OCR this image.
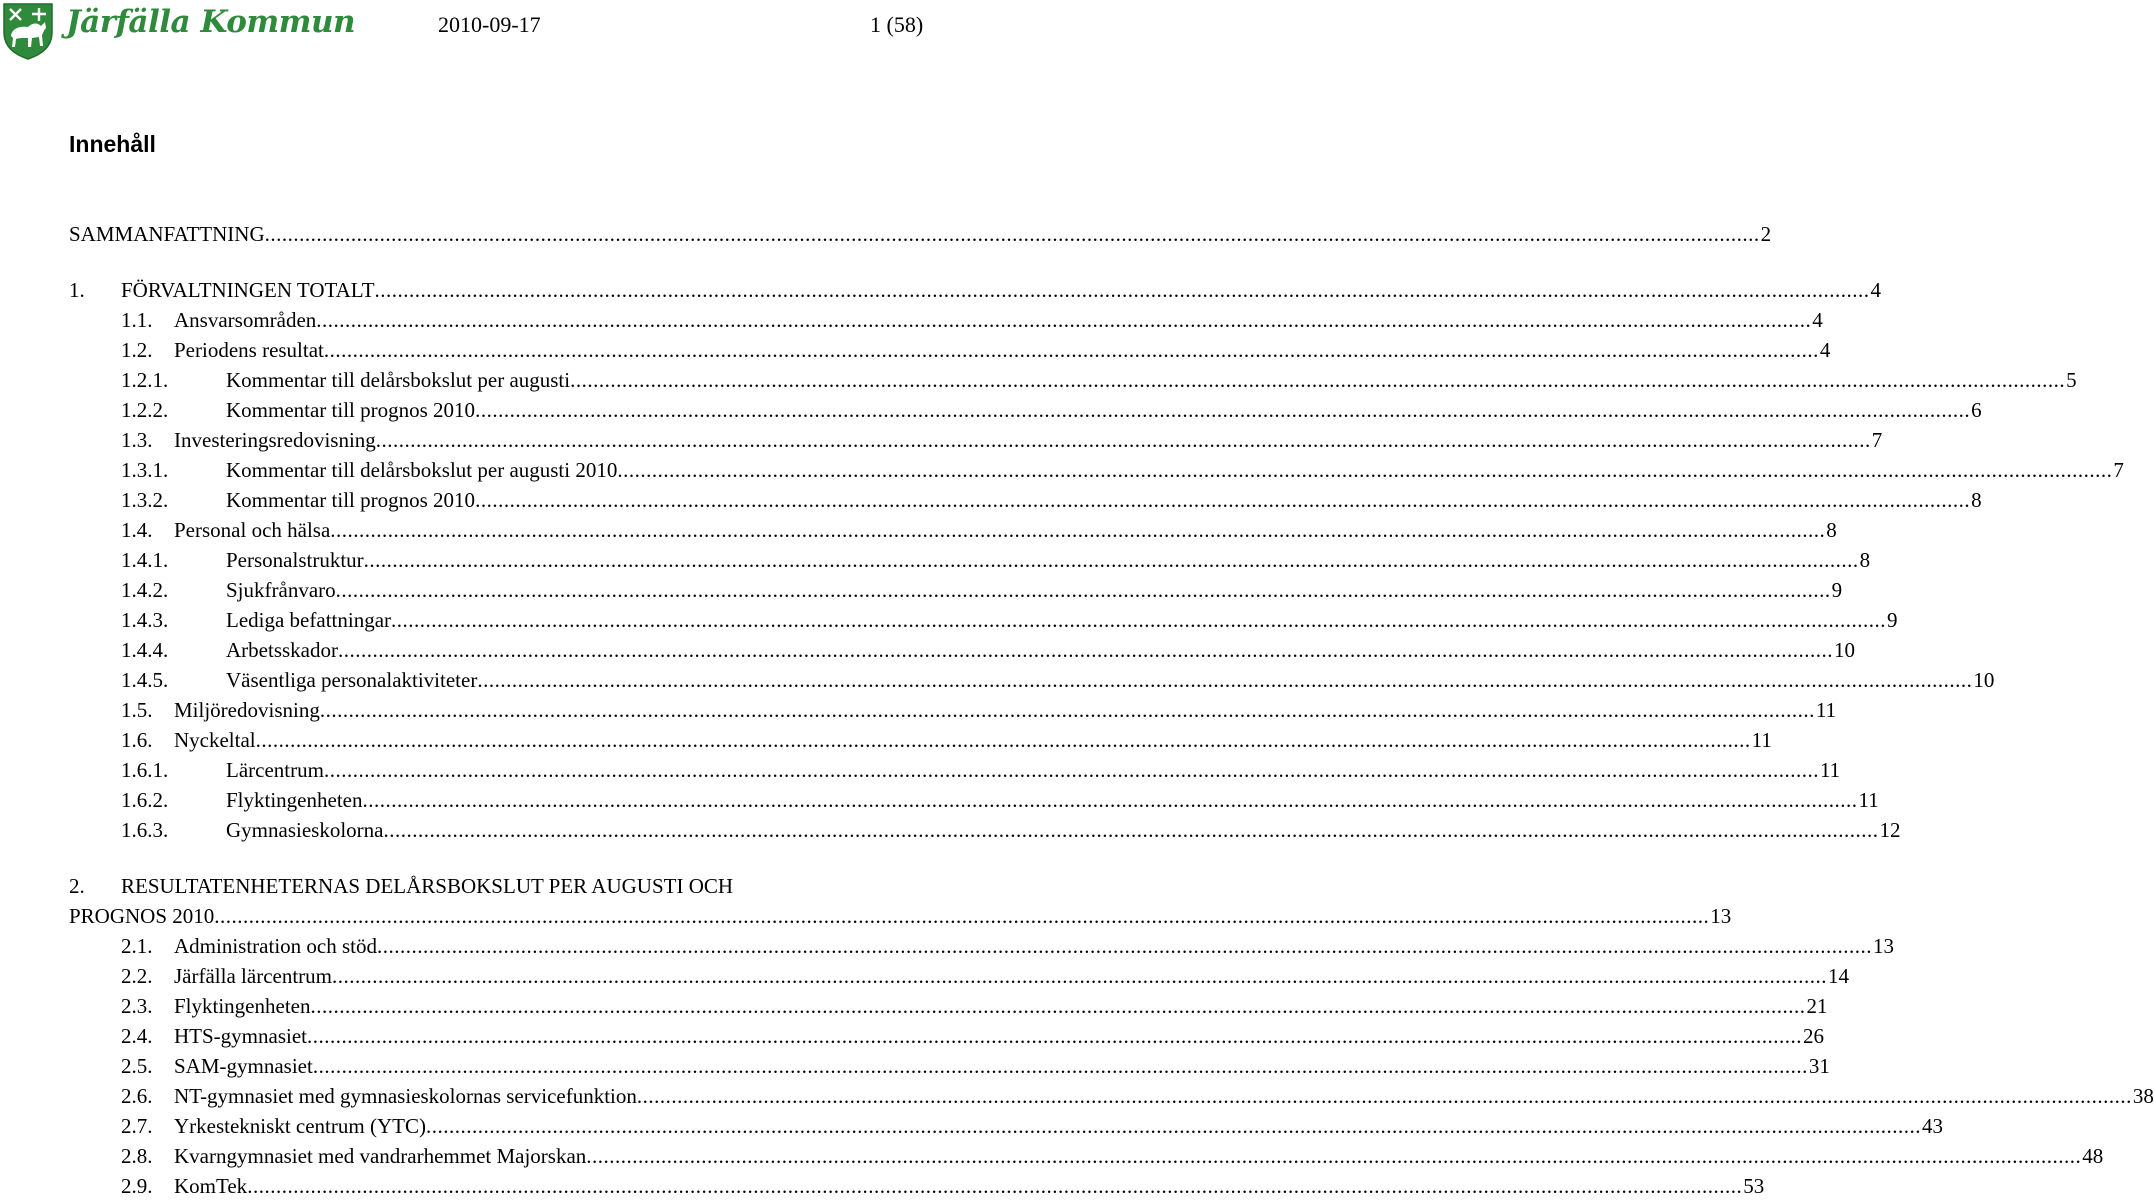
Järfälla Kommun	2010-09-17	1 (58)
Innehåll
SAMMANFATTNING .................................................................................................................................................................................................................................................................... 2
1. FÖRVALTNINGEN TOTALT .................................................................................................................................................................................................................................................................... 4
1.1. Ansvarsområden .................................................................................................................................................................................................................................................................... 4
1.2. Periodens resultat .................................................................................................................................................................................................................................................................... 4
1.2.1.	Kommentar till delårsbokslut per augusti .................................................................................................................................................................................................................................................................... 5
1.2.2.	Kommentar till prognos 2010 .................................................................................................................................................................................................................................................................... 6
1.3. Investeringsredovisning .................................................................................................................................................................................................................................................................... 7
1.3.1.	Kommentar till delårsbokslut per augusti 2010 .................................................................................................................................................................................................................................................................... 7
1.3.2.	Kommentar till prognos 2010 .................................................................................................................................................................................................................................................................... 8
1.4. Personal och hälsa .................................................................................................................................................................................................................................................................... 8
1.4.1.	Personalstruktur .................................................................................................................................................................................................................................................................... 8
1.4.2.	Sjukfrånvaro .................................................................................................................................................................................................................................................................... 9
1.4.3.	Lediga befattningar .................................................................................................................................................................................................................................................................... 9
1.4.4.	Arbetsskador .................................................................................................................................................................................................................................................................... 10
1.4.5.	Väsentliga personalaktiviteter .................................................................................................................................................................................................................................................................... 10
1.5. Miljöredovisning .................................................................................................................................................................................................................................................................... 11
1.6. Nyckeltal .................................................................................................................................................................................................................................................................... 11
1.6.1.	Lärcentrum .................................................................................................................................................................................................................................................................... 11
1.6.2.	Flyktingenheten .................................................................................................................................................................................................................................................................... 11
1.6.3.	Gymnasieskolorna .................................................................................................................................................................................................................................................................... 12
2. RESULTATENHETERNAS DELÅRSBOKSLUT PER AUGUSTI OCH
PROGNOS 2010 .................................................................................................................................................................................................................................................................... 13
2.1. Administration och stöd .................................................................................................................................................................................................................................................................... 13
2.2. Järfälla lärcentrum .................................................................................................................................................................................................................................................................... 14
2.3. Flyktingenheten .................................................................................................................................................................................................................................................................... 21
2.4. HTS-gymnasiet .................................................................................................................................................................................................................................................................... 26
2.5. SAM-gymnasiet .................................................................................................................................................................................................................................................................... 31
2.6. NT-gymnasiet med gymnasieskolornas servicefunktion .................................................................................................................................................................................................................................................................... 38
2.7. Yrkestekniskt centrum (YTC) .................................................................................................................................................................................................................................................................... 43
2.8. Kvarngymnasiet med vandrarhemmet Majorskan .................................................................................................................................................................................................................................................................... 48
2.9. KomTek .................................................................................................................................................................................................................................................................... 53
